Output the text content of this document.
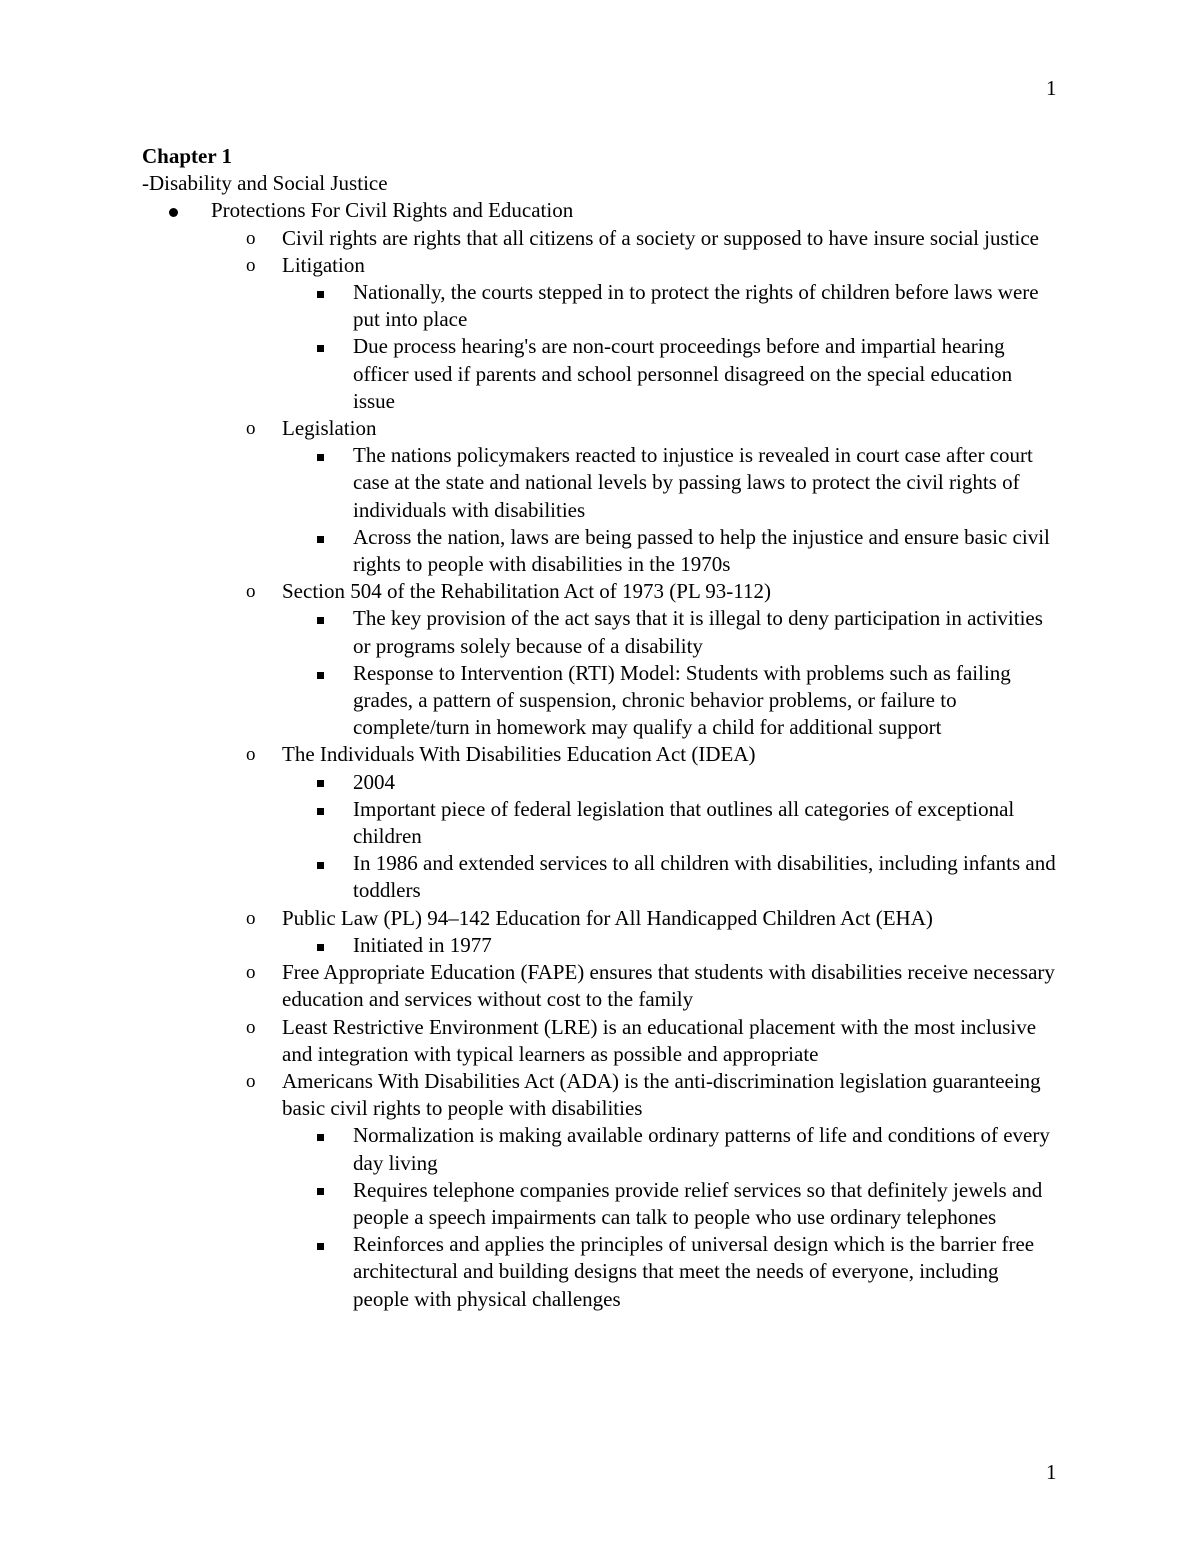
1

Chapter 1

-Disability and Social Justice

Protections For Civil Rights and Education
o Civil rights are rights that all citizens of a society or supposed to have insure social justice
o Litigation
Nationally, the courts stepped in to protect the rights of children before laws were put into place
Due process hearing's are non-court proceedings before and impartial hearing officer used if parents and school personnel disagreed on the special education issue
o Legislation
The nations policymakers reacted to injustice is revealed in court case after court case at the state and national levels by passing laws to protect the civil rights of individuals with disabilities
Across the nation, laws are being passed to help the injustice and ensure basic civil rights to people with disabilities in the 1970s
o Section 504 of the Rehabilitation Act of 1973 (PL 93-112)
The key provision of the act says that it is illegal to deny participation in activities or programs solely because of a disability
Response to Intervention (RTI) Model: Students with problems such as failing grades, a pattern of suspension, chronic behavior problems, or failure to complete/turn in homework may qualify a child for additional support
o The Individuals With Disabilities Education Act (IDEA)
2004
Important piece of federal legislation that outlines all categories of exceptional children
In 1986 and extended services to all children with disabilities, including infants and toddlers
o Public Law (PL) 94–142 Education for All Handicapped Children Act (EHA)
Initiated in 1977
o Free Appropriate Education (FAPE) ensures that students with disabilities receive necessary education and services without cost to the family
o Least Restrictive Environment (LRE) is an educational placement with the most inclusive and integration with typical learners as possible and appropriate
o Americans With Disabilities Act (ADA) is the anti-discrimination legislation guaranteeing basic civil rights to people with disabilities
Normalization is making available ordinary patterns of life and conditions of every day living
Requires telephone companies provide relief services so that definitely jewels and people a speech impairments can talk to people who use ordinary telephones
Reinforces and applies the principles of universal design which is the barrier free architectural and building designs that meet the needs of everyone, including people with physical challenges
1
